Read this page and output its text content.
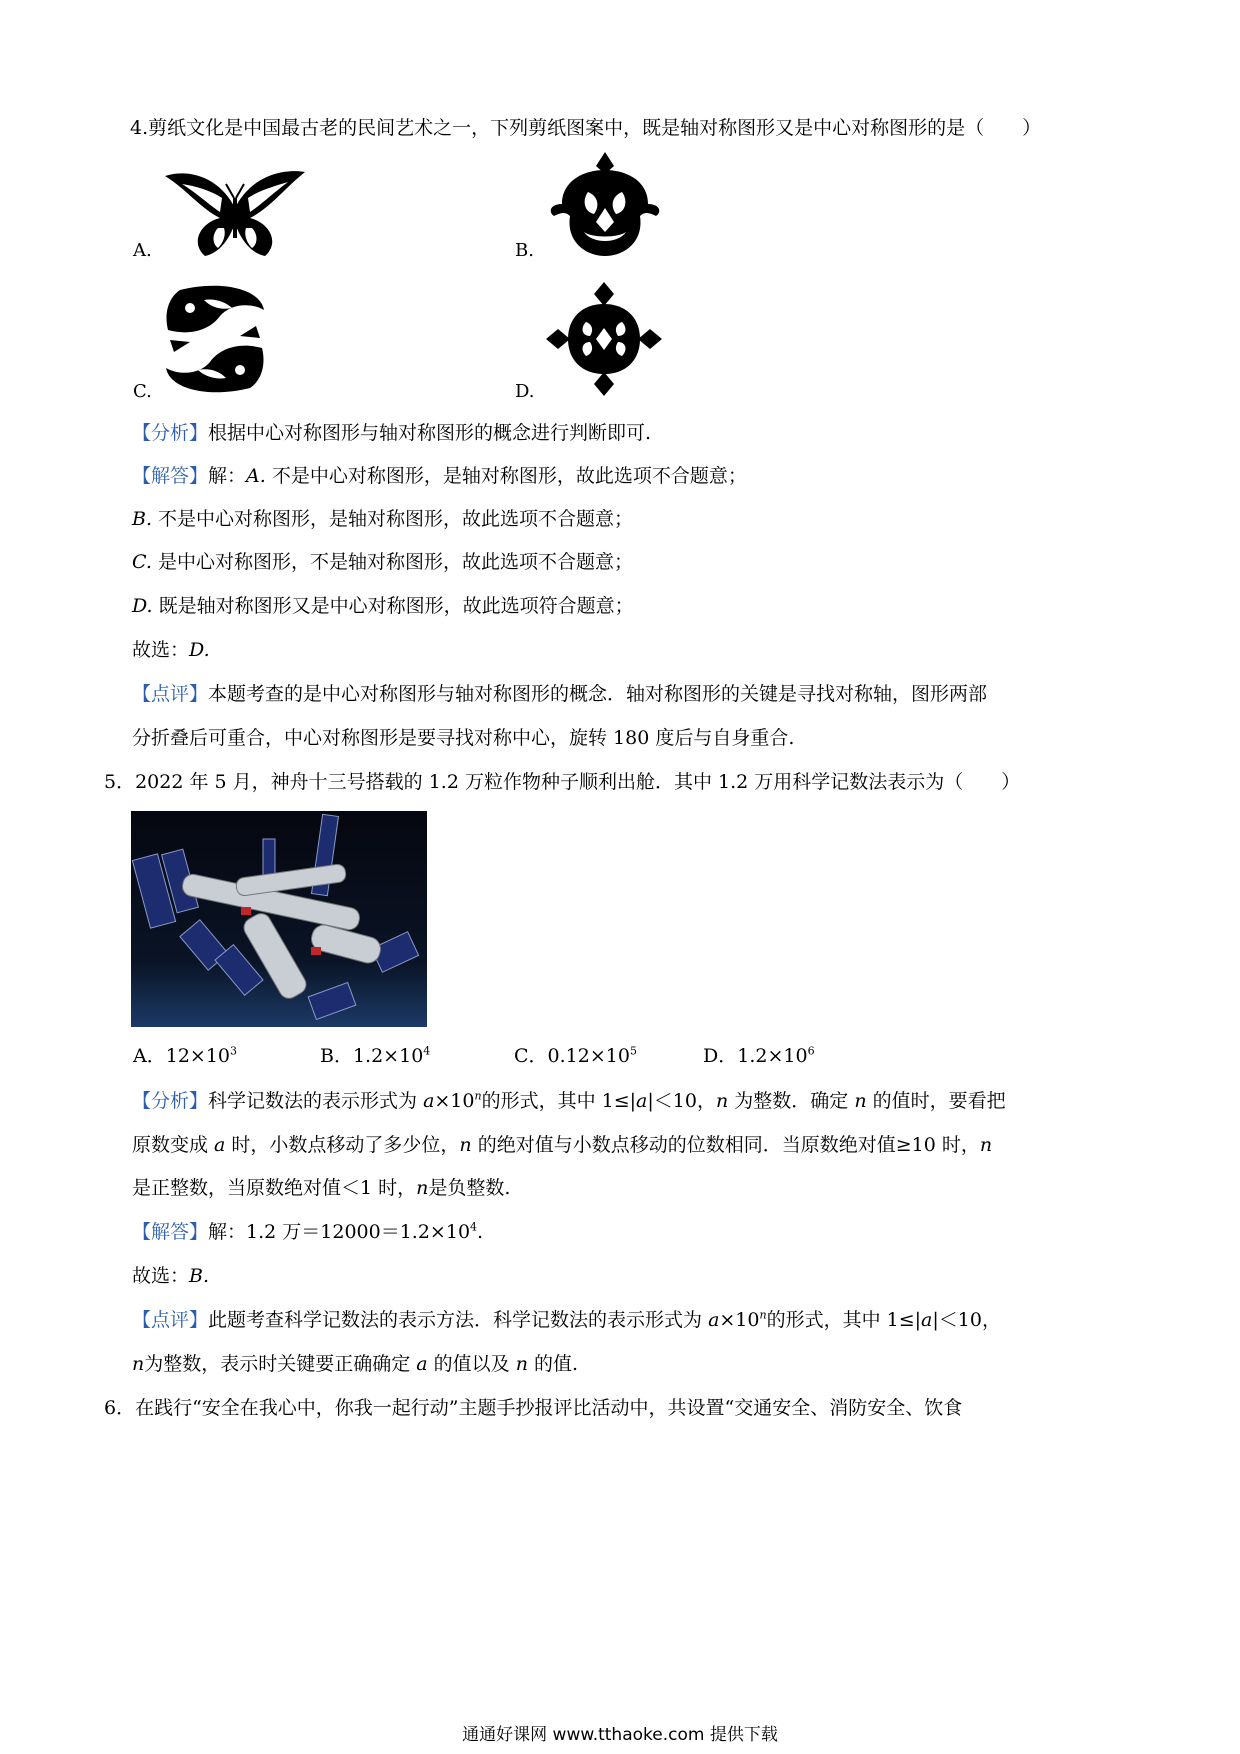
4.剪纸文化是中国最古老的民间艺术之一，下列剪纸图案中，既是轴对称图形又是中心对称图形的是（　　）
A.	B.
C.	D.
【分析】根据中心对称图形与轴对称图形的概念进行判断即可.
【解答】解：A. 不是中心对称图形，是轴对称图形，故此选项不合题意；
B. 不是中心对称图形，是轴对称图形，故此选项不合题意；
C. 是中心对称图形，不是轴对称图形，故此选项不合题意；
D. 既是轴对称图形又是中心对称图形，故此选项符合题意；
故选：D.
【点评】本题考查的是中心对称图形与轴对称图形的概念．轴对称图形的关键是寻找对称轴，图形两部
分折叠后可重合，中心对称图形是要寻找对称中心，旋转 180 度后与自身重合.
5．2022 年 5 月，神舟十三号搭载的 1.2 万粒作物种子顺利出舱．其中 1.2 万用科学记数法表示为（　　）
A．$12\times 10^3$	B．$1.2\times 10^4$	C．$0.12\times 10^5$	D．$1.2\times 10^6$
【分析】科学记数法的表示形式为 $a\times 10^n$的形式，其中 1≤|a|＜10，n 为整数．确定 n 的值时，要看把
原数变成 a 时，小数点移动了多少位，n 的绝对值与小数点移动的位数相同．当原数绝对值≥10 时，n
是正整数，当原数绝对值＜1 时，n是负整数.
【解答】解：1.2 万$=12000=1.2\times 10^4$.
故选：B.
【点评】此题考查科学记数法的表示方法．科学记数法的表示形式为 $a\times 10^n$的形式，其中 1≤|a|＜10，
n为整数，表示时关键要正确确定 a 的值以及 n 的值.
6．在践行“安全在我心中，你我一起行动”主题手抄报评比活动中，共设置“交通安全、消防安全、饮食
通通好课网 www.tthaoke.com 提供下载
